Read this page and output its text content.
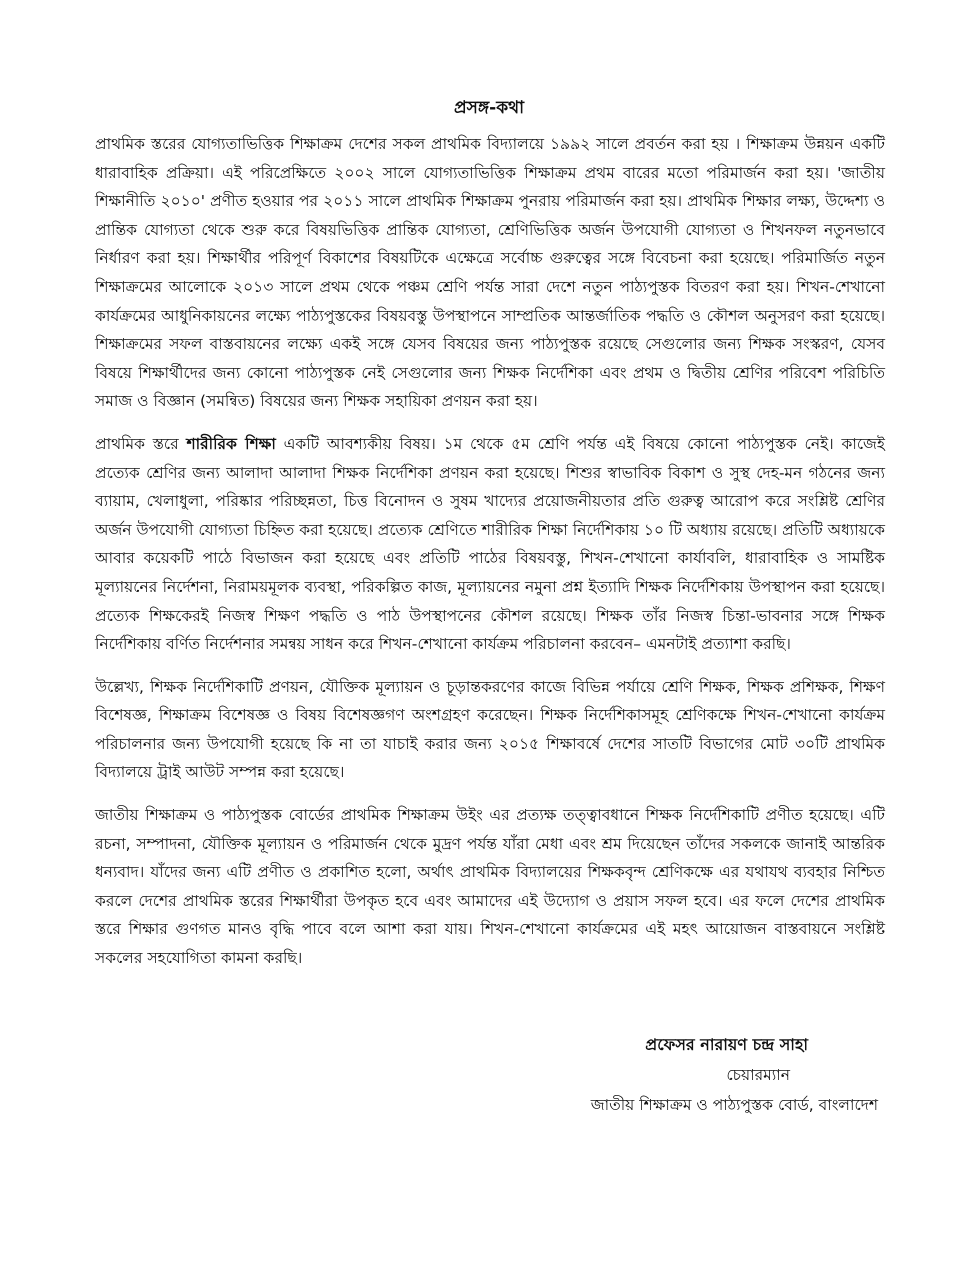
প্রসঙ্গ-কথা

প্রাথমিক স্তরের যোগ্যতাভিত্তিক শিক্ষাক্রম দেশের সকল প্রাথমিক বিদ্যালয়ে ১৯৯২ সালে প্রবর্তন করা হয় । শিক্ষাক্রম উন্নয়ন একটি ধারাবাহিক প্রক্রিয়া। এই পরিপ্রেক্ষিতে ২০০২ সালে যোগ্যতাভিত্তিক শিক্ষাক্রম প্রথম বারের মতো পরিমার্জন করা হয়। 'জাতীয় শিক্ষানীতি ২০১০' প্রণীত হওয়ার পর ২০১১ সালে প্রাথমিক শিক্ষাক্রম পুনরায় পরিমার্জন করা হয়। প্রাথমিক শিক্ষার লক্ষ্য, উদ্দেশ্য ও প্রান্তিক যোগ্যতা থেকে শুরু করে বিষয়ভিত্তিক প্রান্তিক যোগ্যতা, শ্রেণিভিত্তিক অর্জন উপযোগী যোগ্যতা ও শিখনফল নতুনভাবে নির্ধারণ করা হয়। শিক্ষার্থীর পরিপূর্ণ বিকাশের বিষয়টিকে এক্ষেত্রে সর্বোচ্চ গুরুত্বের সঙ্গে বিবেচনা করা হয়েছে। পরিমার্জিত নতুন শিক্ষাক্রমের আলোকে ২০১৩ সালে প্রথম থেকে পঞ্চম শ্রেণি পর্যন্ত সারা দেশে নতুন পাঠ্যপুস্তক বিতরণ করা হয়। শিখন-শেখানো কার্যক্রমের আধুনিকায়নের লক্ষ্যে পাঠ্যপুস্তকের বিষয়বস্তু উপস্থাপনে সাম্প্রতিক আন্তর্জাতিক পদ্ধতি ও কৌশল অনুসরণ করা হয়েছে। শিক্ষাক্রমের সফল বাস্তবায়নের লক্ষ্যে একই সঙ্গে যেসব বিষয়ের জন্য পাঠ্যপুস্তক রয়েছে সেগুলোর জন্য শিক্ষক সংস্করণ, যেসব বিষয়ে শিক্ষার্থীদের জন্য কোনো পাঠ্যপুস্তক নেই সেগুলোর জন্য শিক্ষক নির্দেশিকা এবং প্রথম ও দ্বিতীয় শ্রেণির পরিবেশ পরিচিতি সমাজ ও বিজ্ঞান (সমন্বিত) বিষয়ের জন্য শিক্ষক সহায়িকা প্রণয়ন করা হয়।

প্রাথমিক স্তরে শারীরিক শিক্ষা একটি আবশ্যকীয় বিষয়। ১ম থেকে ৫ম শ্রেণি পর্যন্ত এই বিষয়ে কোনো পাঠ্যপুস্তক নেই। কাজেই প্রত্যেক শ্রেণির জন্য আলাদা আলাদা শিক্ষক নির্দেশিকা প্রণয়ন করা হয়েছে। শিশুর স্বাভাবিক বিকাশ ও সুস্থ দেহ-মন গঠনের জন্য ব্যায়াম, খেলাধুলা, পরিষ্কার পরিচ্ছন্নতা, চিত্ত বিনোদন ও সুষম খাদ্যের প্রয়োজনীয়তার প্রতি গুরুত্ব আরোপ করে সংশ্লিষ্ট শ্রেণির অর্জন উপযোগী যোগ্যতা চিহ্নিত করা হয়েছে। প্রত্যেক শ্রেণিতে শারীরিক শিক্ষা নির্দেশিকায় ১০ টি অধ্যায় রয়েছে। প্রতিটি অধ্যায়কে আবার কয়েকটি পাঠে বিভাজন করা হয়েছে এবং প্রতিটি পাঠের বিষয়বস্তু, শিখন-শেখানো কার্যাবলি, ধারাবাহিক ও সামষ্টিক মূল্যায়নের নির্দেশনা, নিরাময়মূলক ব্যবস্থা, পরিকল্পিত কাজ, মূল্যায়নের নমুনা প্রশ্ন ইত্যাদি শিক্ষক নির্দেশিকায় উপস্থাপন করা হয়েছে। প্রত্যেক শিক্ষকেরই নিজস্ব শিক্ষণ পদ্ধতি ও পাঠ উপস্থাপনের কৌশল রয়েছে। শিক্ষক তাঁর নিজস্ব চিন্তা-ভাবনার সঙ্গে শিক্ষক নির্দেশিকায় বর্ণিত নির্দেশনার সমন্বয় সাধন করে শিখন-শেখানো কার্যক্রম পরিচালনা করবেন– এমনটাই প্রত্যাশা করছি।

উল্লেখ্য, শিক্ষক নির্দেশিকাটি প্রণয়ন, যৌক্তিক মূল্যায়ন ও চূড়ান্তকরণের কাজে বিভিন্ন পর্যায়ে শ্রেণি শিক্ষক, শিক্ষক প্রশিক্ষক, শিক্ষণ বিশেষজ্ঞ, শিক্ষাক্রম বিশেষজ্ঞ ও বিষয় বিশেষজ্ঞগণ অংশগ্রহণ করেছেন। শিক্ষক নির্দেশিকাসমূহ শ্রেণিকক্ষে শিখন-শেখানো কার্যক্রম পরিচালনার জন্য উপযোগী হয়েছে কি না তা যাচাই করার জন্য ২০১৫ শিক্ষাবর্ষে দেশের সাতটি বিভাগের মোট ৩০টি প্রাথমিক বিদ্যালয়ে ট্রাই আউট সম্পন্ন করা হয়েছে।

জাতীয় শিক্ষাক্রম ও পাঠ্যপুস্তক বোর্ডের প্রাথমিক শিক্ষাক্রম উইং এর প্রত্যক্ষ তত্ত্বাবধানে শিক্ষক নির্দেশিকাটি প্রণীত হয়েছে। এটি রচনা, সম্পাদনা, যৌক্তিক মূল্যায়ন ও পরিমার্জন থেকে মুদ্রণ পর্যন্ত যাঁরা মেধা এবং শ্রম দিয়েছেন তাঁদের সকলকে জানাই আন্তরিক ধন্যবাদ। যাঁদের জন্য এটি প্রণীত ও প্রকাশিত হলো, অর্থাৎ প্রাথমিক বিদ্যালয়ের শিক্ষকবৃন্দ শ্রেণিকক্ষে এর যথাযথ ব্যবহার নিশ্চিত করলে দেশের প্রাথমিক স্তরের শিক্ষার্থীরা উপকৃত হবে এবং আমাদের এই উদ্যোগ ও প্রয়াস সফল হবে। এর ফলে দেশের প্রাথমিক স্তরে শিক্ষার গুণগত মানও বৃদ্ধি পাবে বলে আশা করা যায়। শিখন-শেখানো কার্যক্রমের এই মহৎ আয়োজন বাস্তবায়নে সংশ্লিষ্ট সকলের সহযোগিতা কামনা করছি।

প্রফেসর নারায়ণ চন্দ্র সাহা
চেয়ারম্যান
জাতীয় শিক্ষাক্রম ও পাঠ্যপুস্তক বোর্ড, বাংলাদেশ
